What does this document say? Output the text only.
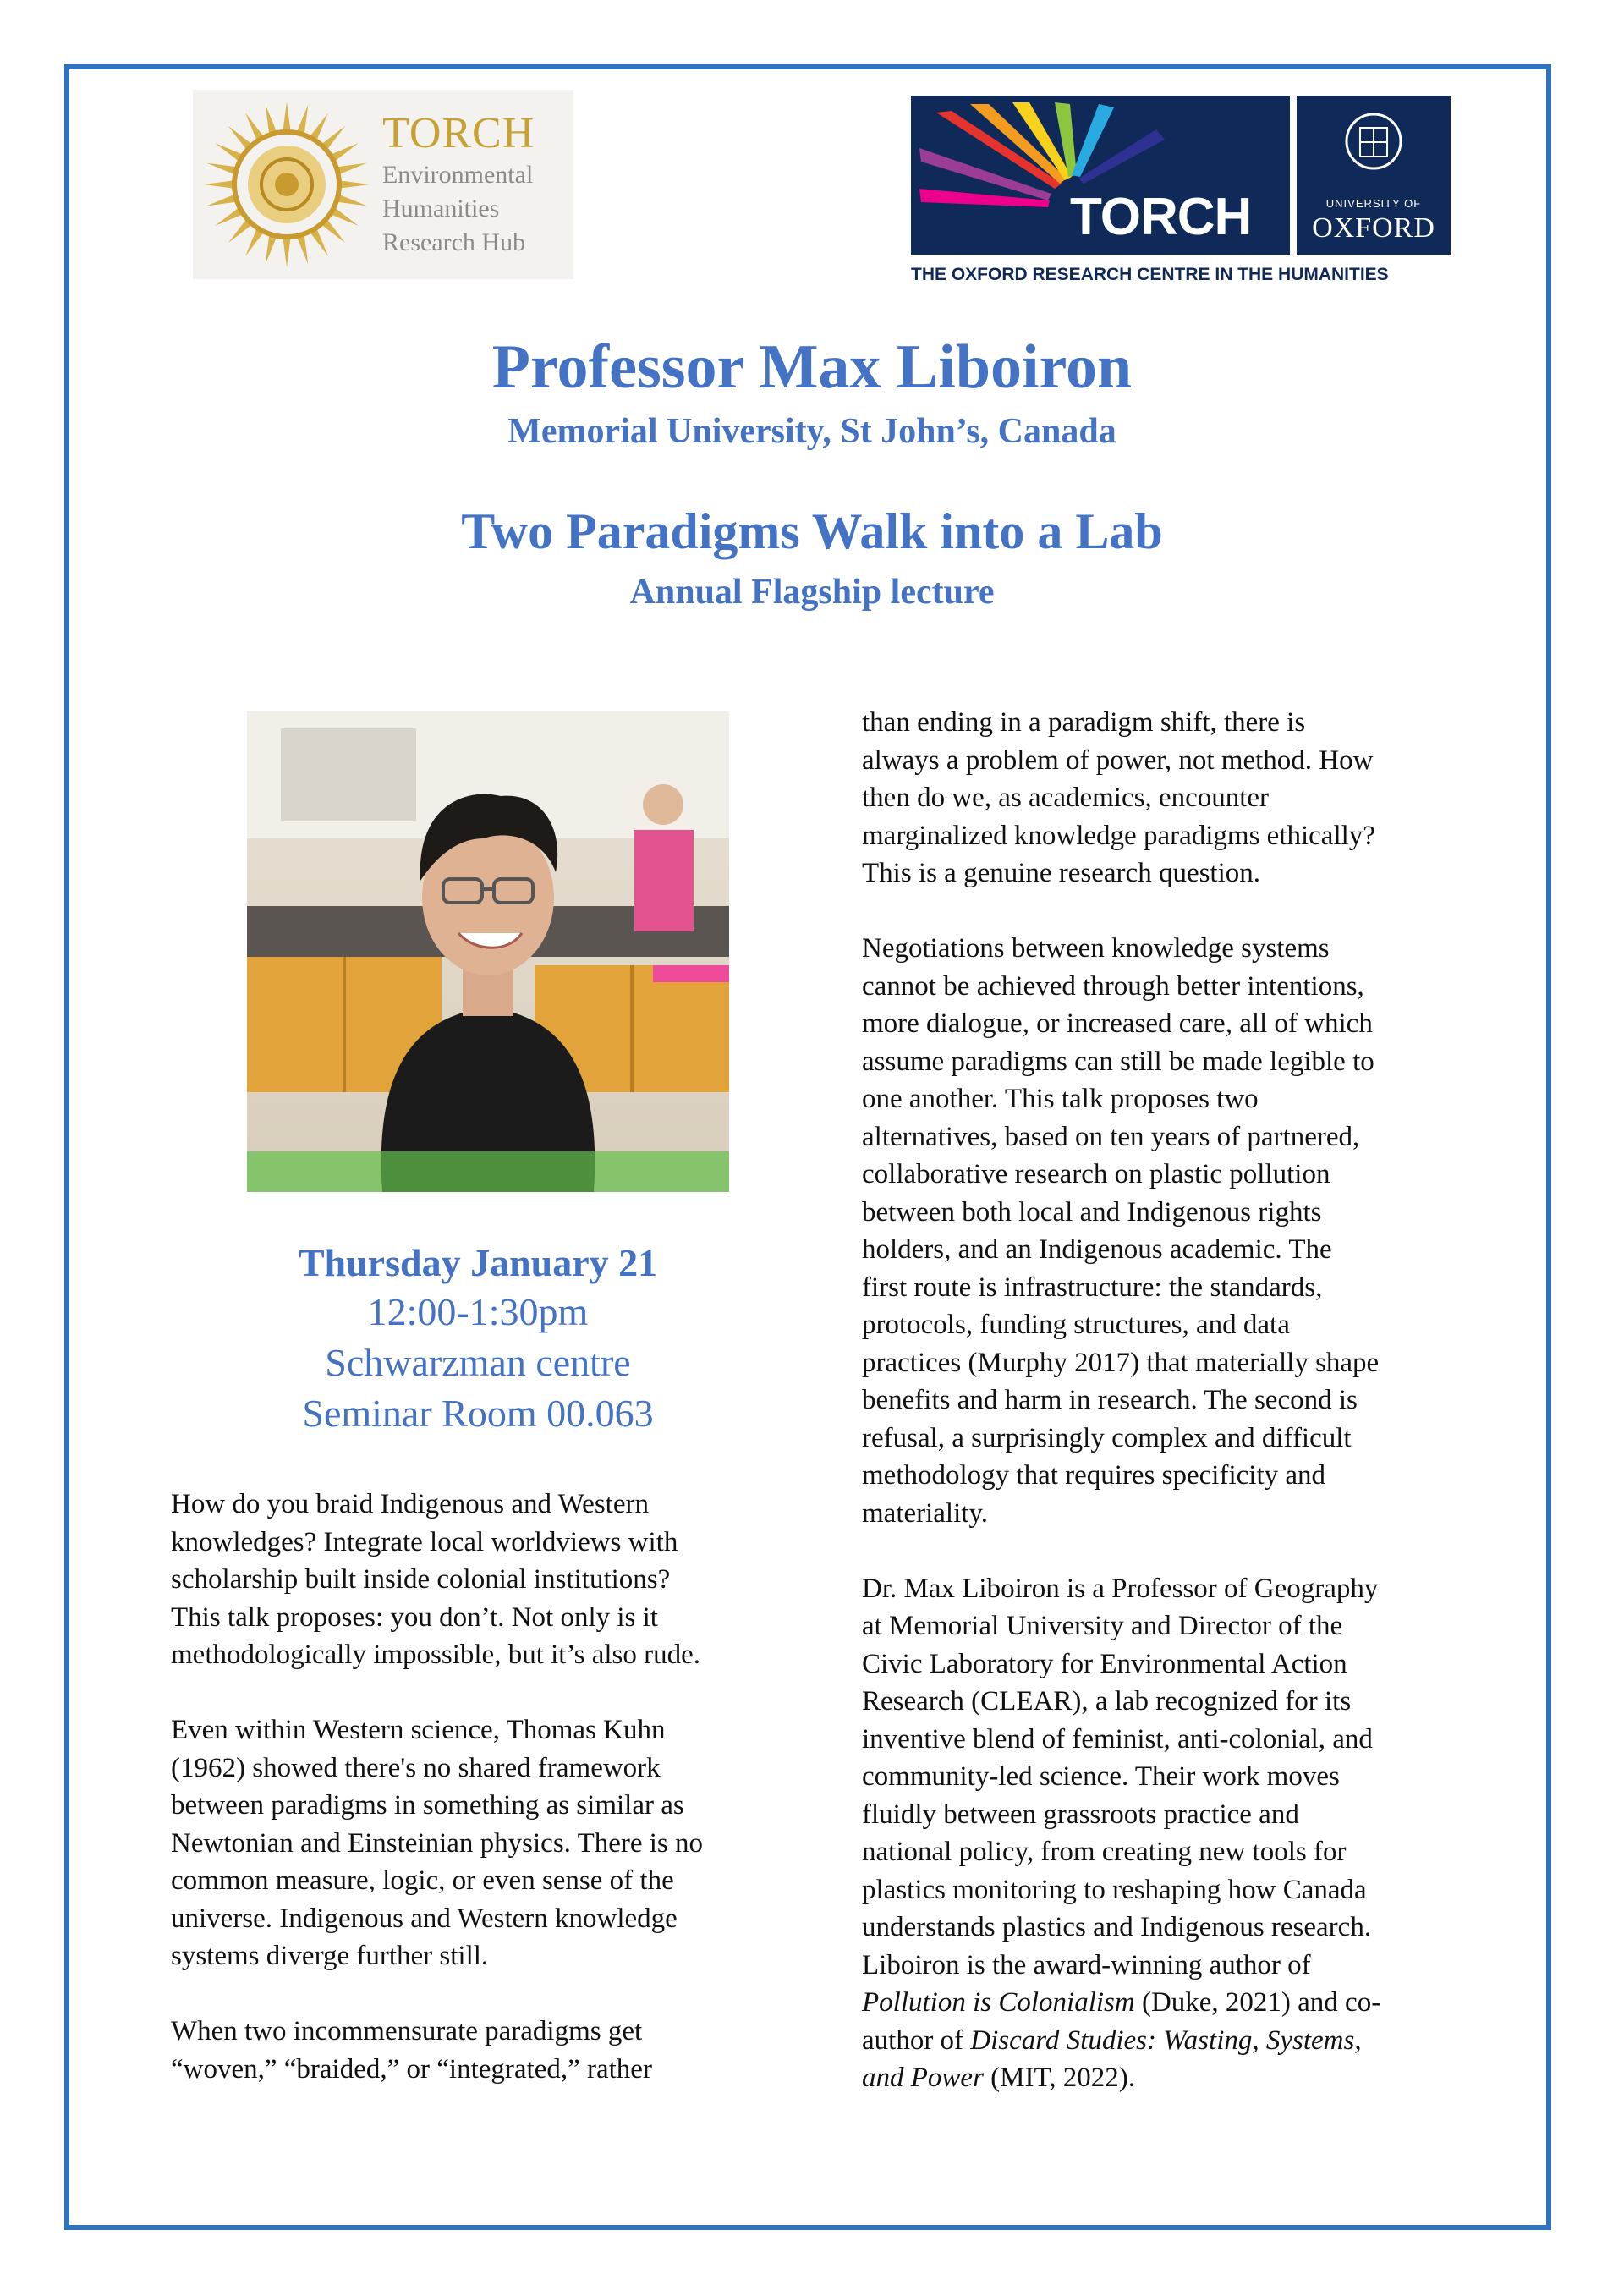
TORCH
Environmental
Humanities
Research Hub	TORCH	UNIVERSITY OF
OXFORD
THE OXFORD RESEARCH CENTRE IN THE HUMANITIES
Professor Max Liboiron
Memorial University, St John’s, Canada
Two Paradigms Walk into a Lab
Annual Flagship lecture
Thursday January 21
12:00-1:30pm
Schwarzman centre
Seminar Room 00.063

How do you braid Indigenous and Western
knowledges? Integrate local worldviews with
scholarship built inside colonial institutions?
This talk proposes: you don’t. Not only is it
methodologically impossible, but it’s also rude.

Even within Western science, Thomas Kuhn
(1962) showed there's no shared framework
between paradigms in something as similar as
Newtonian and Einsteinian physics. There is no
common measure, logic, or even sense of the
universe. Indigenous and Western knowledge
systems diverge further still.

When two incommensurate paradigms get
“woven,” “braided,” or “integrated,” rather

than ending in a paradigm shift, there is
always a problem of power, not method. How
then do we, as academics, encounter
marginalized knowledge paradigms ethically?
This is a genuine research question.

Negotiations between knowledge systems
cannot be achieved through better intentions,
more dialogue, or increased care, all of which
assume paradigms can still be made legible to
one another. This talk proposes two
alternatives, based on ten years of partnered,
collaborative research on plastic pollution
between both local and Indigenous rights
holders, and an Indigenous academic. The
first route is infrastructure: the standards,
protocols, funding structures, and data
practices (Murphy 2017) that materially shape
benefits and harm in research. The second is
refusal, a surprisingly complex and difficult
methodology that requires specificity and
materiality.

Dr. Max Liboiron is a Professor of Geography
at Memorial University and Director of the
Civic Laboratory for Environmental Action
Research (CLEAR), a lab recognized for its
inventive blend of feminist, anti-colonial, and
community-led science. Their work moves
fluidly between grassroots practice and
national policy, from creating new tools for
plastics monitoring to reshaping how Canada
understands plastics and Indigenous research.
Liboiron is the award-winning author of
Pollution is Colonialism (Duke, 2021) and co-
author of Discard Studies: Wasting, Systems,
and Power (MIT, 2022).
